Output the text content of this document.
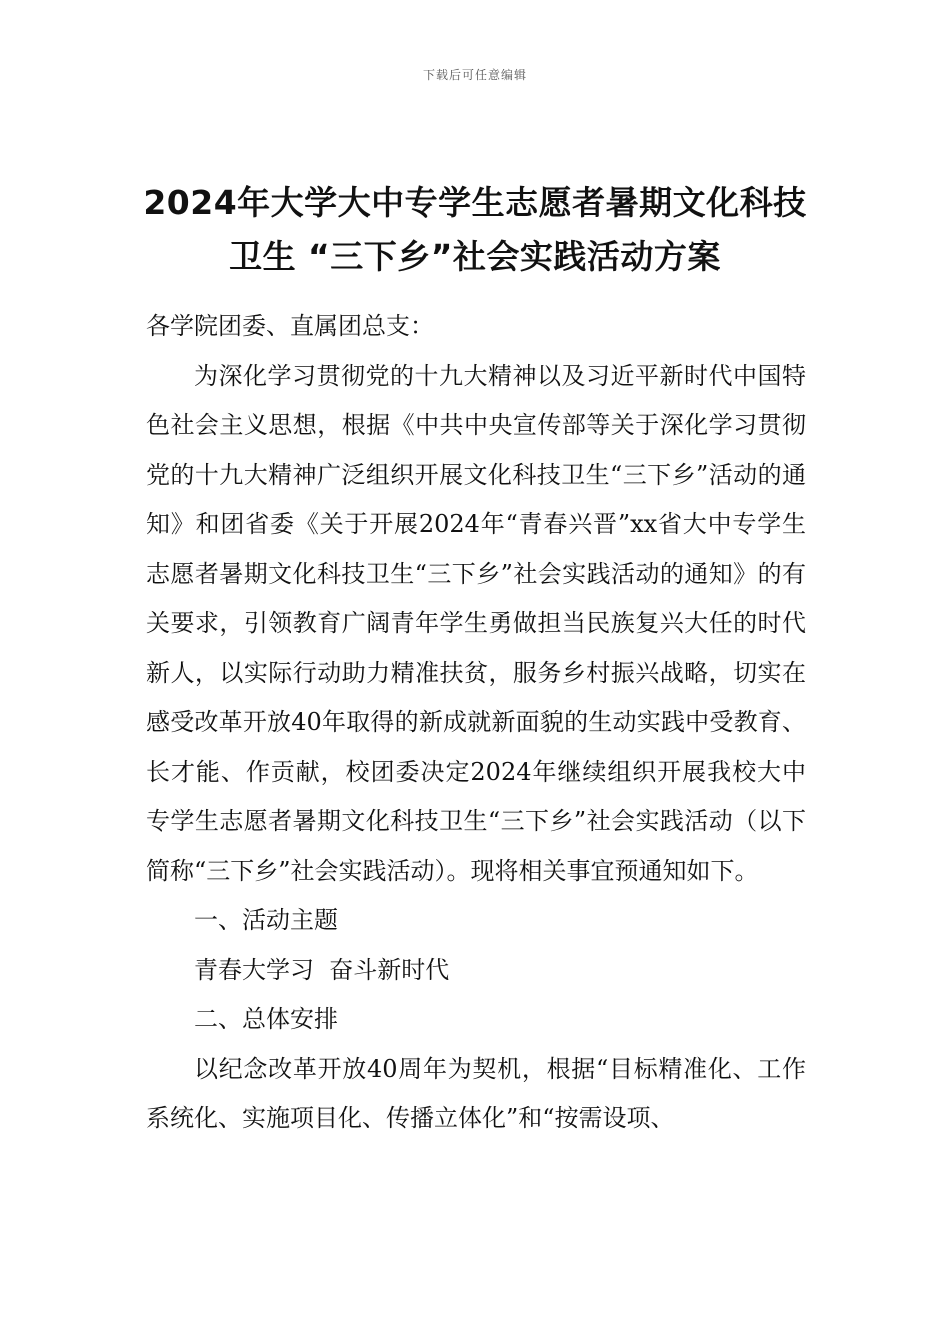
下载后可任意编辑
2024年大学大中专学生志愿者暑期文化科技卫生 “三下乡”社会实践活动方案

各学院团委、直属团总支：

为深化学习贯彻党的十九大精神以及习近平新时代中国特色社会主义思想，根据《中共中央宣传部等关于深化学习贯彻党的十九大精神广泛组织开展文化科技卫生“三下乡”活动的通知》和团省委《关于开展2024年“青春兴晋”xx省大中专学生志愿者暑期文化科技卫生“三下乡”社会实践活动的通知》的有关要求，引领教育广阔青年学生勇做担当民族复兴大任的时代新人，以实际行动助力精准扶贫，服务乡村振兴战略，切实在感受改革开放40年取得的新成就新面貌的生动实践中受教育、长才能、作贡献，校团委决定2024年继续组织开展我校大中专学生志愿者暑期文化科技卫生“三下乡”社会实践活动（以下简称“三下乡”社会实践活动）。现将相关事宜预通知如下。

一、活动主题

青春大学习  奋斗新时代

二、总体安排

以纪念改革开放40周年为契机，根据“目标精准化、工作系统化、实施项目化、传播立体化”和“按需设项、
